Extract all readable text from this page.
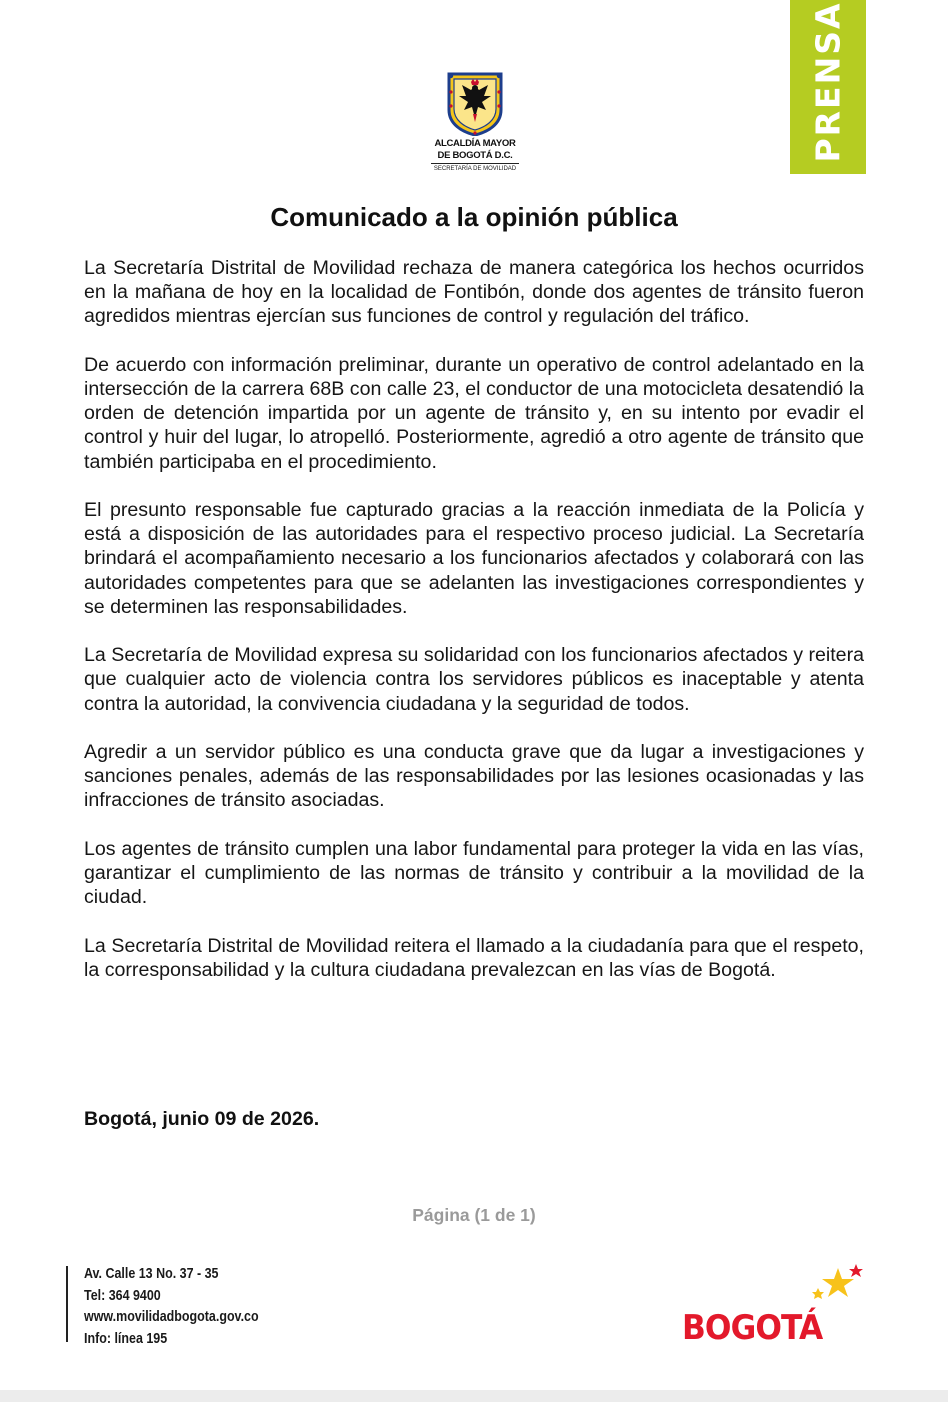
PRENSA
ALCALDÍA MAYOR
DE BOGOTÁ D.C.
SECRETARÍA DE MOVILIDAD
Comunicado a la opinión pública

La Secretaría Distrital de Movilidad rechaza de manera categórica los hechos ocurridos en la mañana de hoy en la localidad de Fontibón, donde dos agentes de tránsito fueron agredidos mientras ejercían sus funciones de control y regulación del tráfico.

De acuerdo con información preliminar, durante un operativo de control adelantado en la intersección de la carrera 68B con calle 23, el conductor de una motocicleta desatendió la orden de detención impartida por un agente de tránsito y, en su intento por evadir el control y huir del lugar, lo atropelló. Posteriormente, agredió a otro agente de tránsito que también participaba en el procedimiento.

El presunto responsable fue capturado gracias a la reacción inmediata de la Policía y está a disposición de las autoridades para el respectivo proceso judicial. La Secretaría brindará el acompañamiento necesario a los funcionarios afectados y colaborará con las autoridades competentes para que se adelanten las investigaciones correspondientes y se determinen las responsabilidades.

La Secretaría de Movilidad expresa su solidaridad con los funcionarios afectados y reitera que cualquier acto de violencia contra los servidores públicos es inaceptable y atenta contra la autoridad, la convivencia ciudadana y la seguridad de todos.

Agredir a un servidor público es una conducta grave que da lugar a investigaciones y sanciones penales, además de las responsabilidades por las lesiones ocasionadas y las infracciones de tránsito asociadas.

Los agentes de tránsito cumplen una labor fundamental para proteger la vida en las vías, garantizar el cumplimiento de las normas de tránsito y contribuir a la movilidad de la ciudad.

La Secretaría Distrital de Movilidad reitera el llamado a la ciudadanía para que el respeto, la corresponsabilidad y la cultura ciudadana prevalezcan en las vías de Bogotá.

Bogotá, junio 09 de 2026.
Página (1 de 1)
Av. Calle 13 No. 37 - 35
Tel: 364 9400
www.movilidadbogota.gov.co
Info: línea 195	BOGOTÁ
